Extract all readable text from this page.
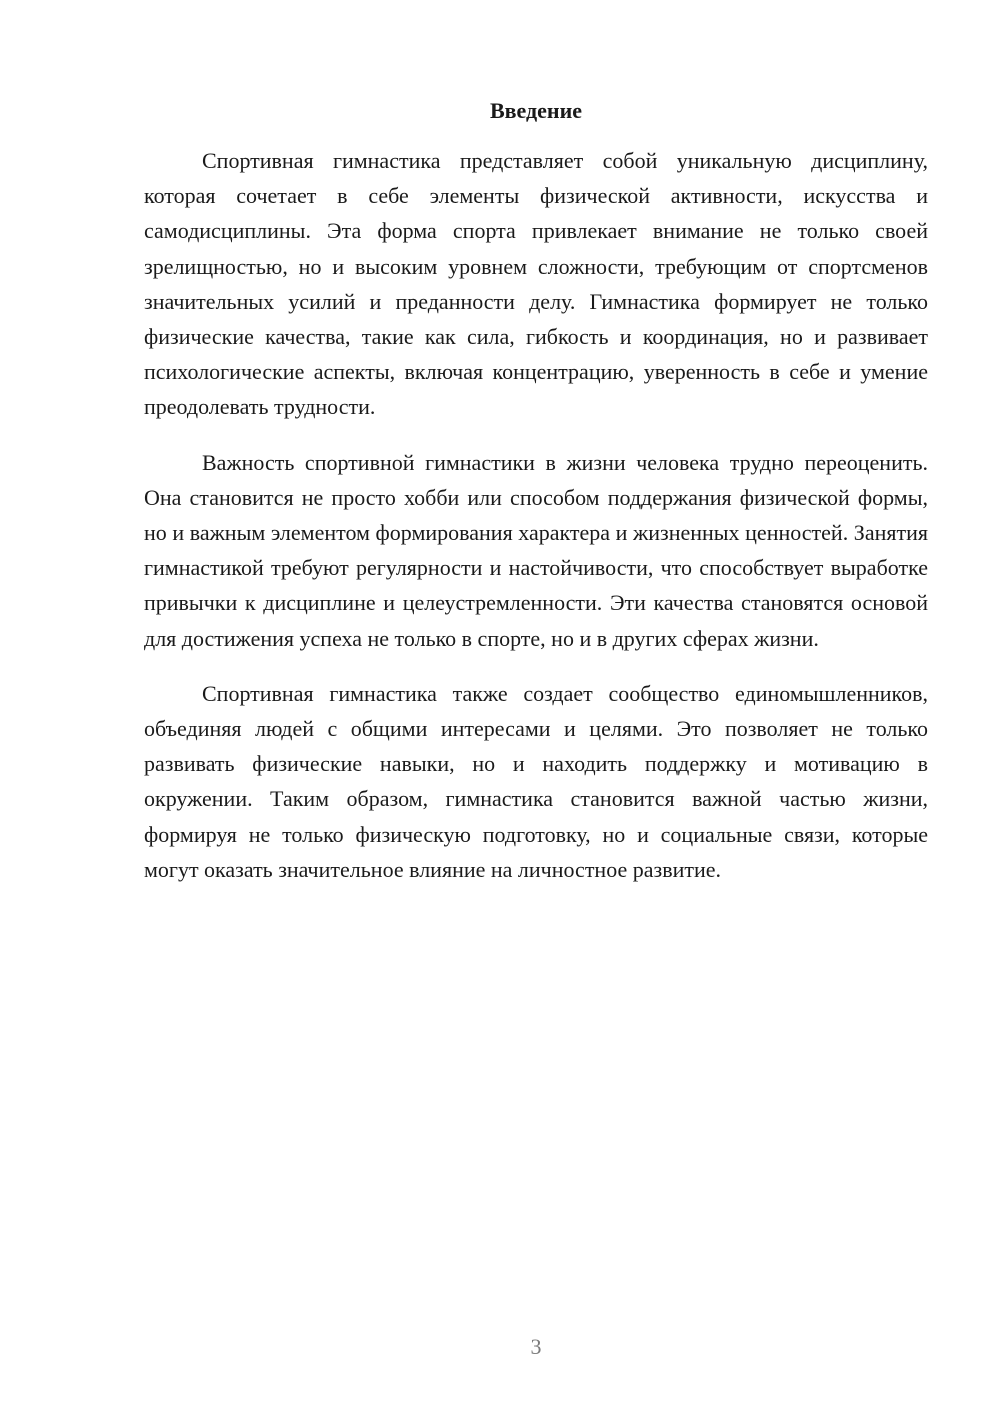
Введение

Спортивная гимнастика представляет собой уникальную дисциплину, которая сочетает в себе элементы физической активности, искусства и самодисциплины. Эта форма спорта привлекает внимание не только своей зрелищностью, но и высоким уровнем сложности, требующим от спортсменов значительных усилий и преданности делу. Гимнастика формирует не только физические качества, такие как сила, гибкость и координация, но и развивает психологические аспекты, включая концентрацию, уверенность в себе и умение преодолевать трудности.

Важность спортивной гимнастики в жизни человека трудно переоценить. Она становится не просто хобби или способом поддержания физической формы, но и важным элементом формирования характера и жизненных ценностей. Занятия гимнастикой требуют регулярности и настойчивости, что способствует выработке привычки к дисциплине и целеустремленности. Эти качества становятся основой для достижения успеха не только в спорте, но и в других сферах жизни.

Спортивная гимнастика также создает сообщество единомышленников, объединяя людей с общими интересами и целями. Это позволяет не только развивать физические навыки, но и находить поддержку и мотивацию в окружении. Таким образом, гимнастика становится важной частью жизни, формируя не только физическую подготовку, но и социальные связи, которые могут оказать значительное влияние на личностное развитие.

3
